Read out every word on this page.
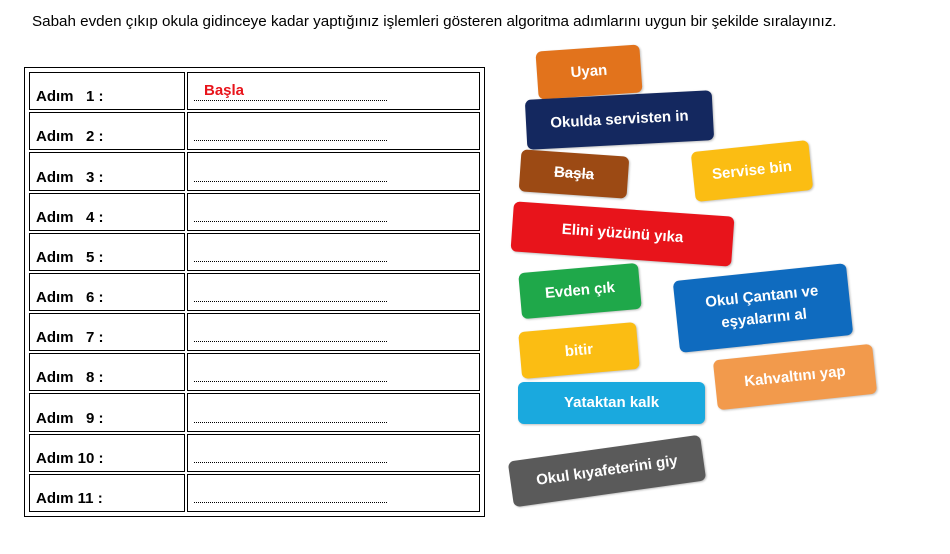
Sabah evden çıkıp okula gidinceye kadar yaptığınız işlemleri gösteren algoritma adımlarını uygun bir şekilde sıralayınız.
Adım   1 :	Başla

Adım   2 :	

Adım   3 :	

Adım   4 :	

Adım   5 :	

Adım   6 :	

Adım   7 :	

Adım   8 :	

Adım   9 :	

Adım 10 :	

Adım 11 :	

Uyan
Okulda servisten in
Başla	Servise bin
Elini yüzünü yıka
Evden çık	Okul Çantanı ve eşyalarını al
bitir
Kahvaltını yap
Yataktan kalk
Okul kıyafeterini giy
